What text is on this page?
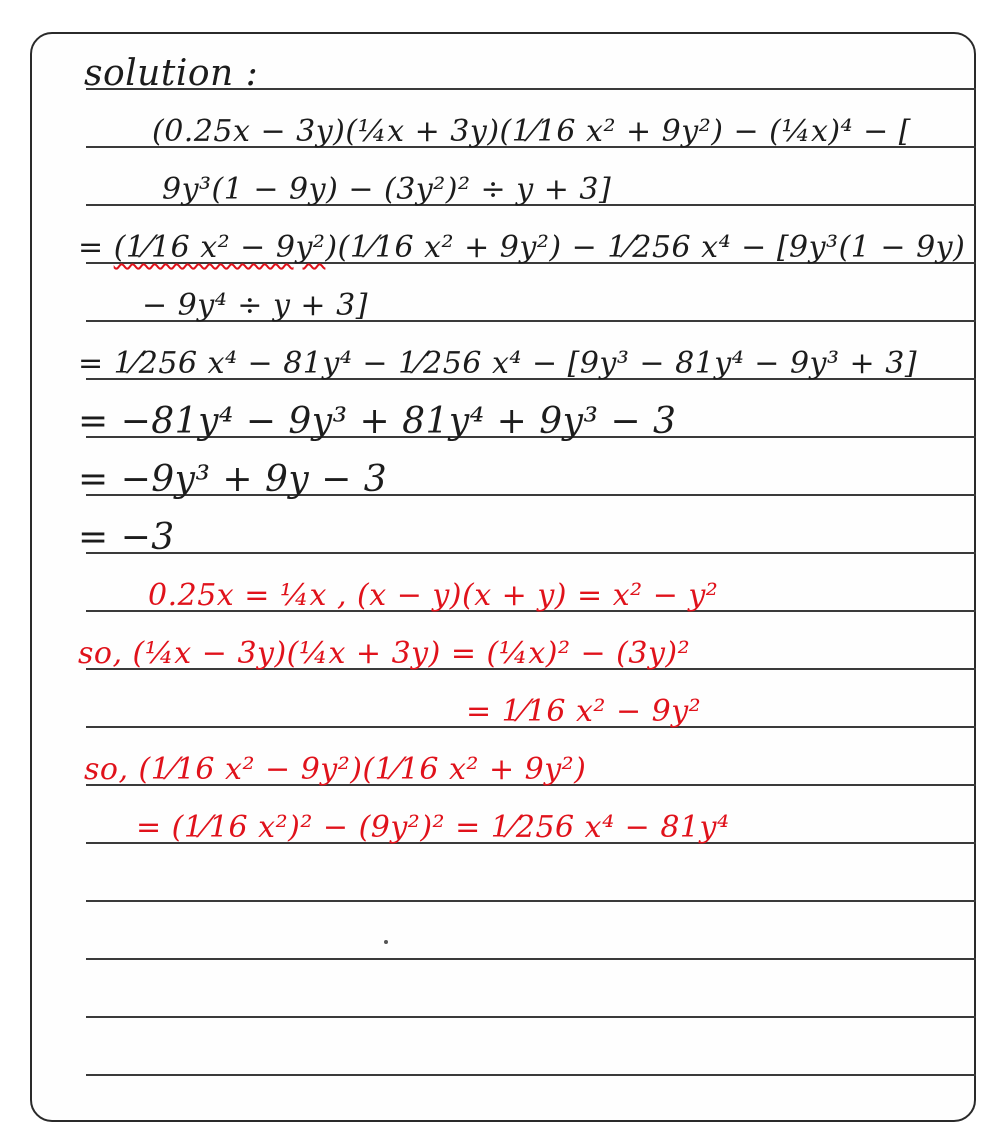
solution :
(0.25x − 3y)(¼x + 3y)(1⁄16 x² + 9y²) − (¼x)⁴ − [
9y³(1 − 9y) − (3y²)² ÷ y + 3]
= (1⁄16 x² − 9y²)(1⁄16 x² + 9y²) − 1⁄256 x⁴ − [9y³(1 − 9y)
− 9y⁴ ÷ y + 3]
= 1⁄256 x⁴ − 81y⁴ − 1⁄256 x⁴ − [9y³ − 81y⁴ − 9y³ + 3]
= −81y⁴ − 9y³ + 81y⁴ + 9y³ − 3
= −9y³ + 9y − 3
= −3
0.25x = ¼x , (x − y)(x + y) = x² − y²
so, (¼x − 3y)(¼x + 3y) = (¼x)² − (3y)²
= 1⁄16 x² − 9y²
so, (1⁄16 x² − 9y²)(1⁄16 x² + 9y²)
= (1⁄16 x²)² − (9y²)² = 1⁄256 x⁴ − 81y⁴
